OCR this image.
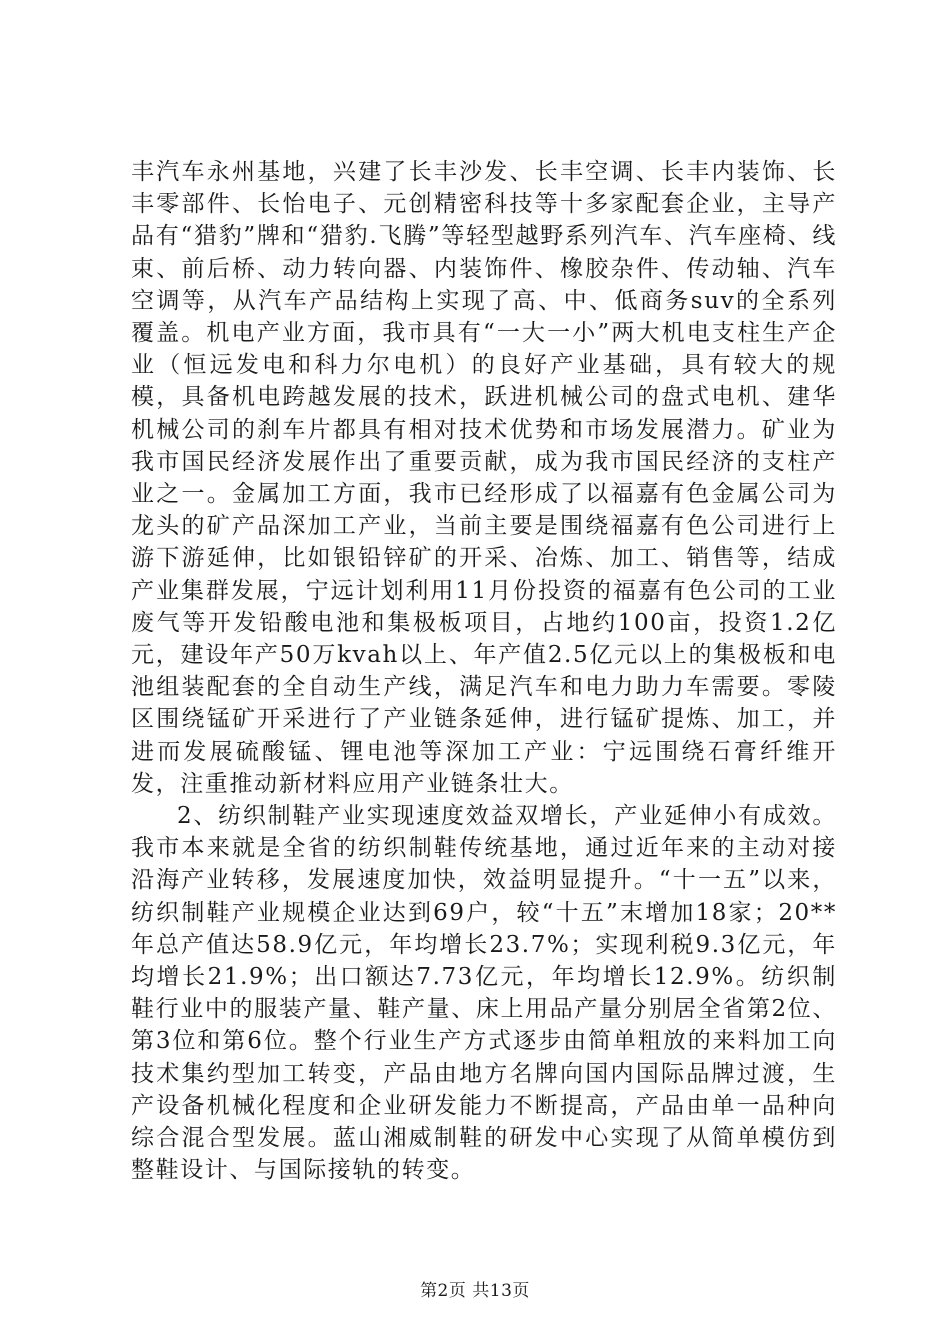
丰汽车永州基地，兴建了长丰沙发、长丰空调、长丰内装饰、长丰零部件、长怡电子、元创精密科技等十多家配套企业，主导产品有“猎豹”牌和“猎豹.飞腾”等轻型越野系列汽车、汽车座椅、线束、前后桥、动力转向器、内装饰件、橡胶杂件、传动轴、汽车空调等，从汽车产品结构上实现了高、中、低商务suv的全系列覆盖。机电产业方面，我市具有“一大一小”两大机电支柱生产企业（恒远发电和科力尔电机）的良好产业基础，具有较大的规模，具备机电跨越发展的技术，跃进机械公司的盘式电机、建华机械公司的刹车片都具有相对技术优势和市场发展潜力。矿业为我市国民经济发展作出了重要贡献，成为我市国民经济的支柱产业之一。金属加工方面，我市已经形成了以福嘉有色金属公司为龙头的矿产品深加工产业，当前主要是围绕福嘉有色公司进行上游下游延伸，比如银铅锌矿的开采、冶炼、加工、销售等，结成产业集群发展，宁远计划利用11月份投资的福嘉有色公司的工业废气等开发铅酸电池和集极板项目，占地约100亩，投资1.2亿元，建设年产50万kvah以上、年产值2.5亿元以上的集极板和电池组装配套的全自动生产线，满足汽车和电力助力车需要。零陵区围绕锰矿开采进行了产业链条延伸，进行锰矿提炼、加工，并进而发展硫酸锰、锂电池等深加工产业：宁远围绕石膏纤维开发，注重推动新材料应用产业链条壮大。

2、纺织制鞋产业实现速度效益双增长，产业延伸小有成效。我市本来就是全省的纺织制鞋传统基地，通过近年来的主动对接沿海产业转移，发展速度加快，效益明显提升。“十一五”以来，纺织制鞋产业规模企业达到69户，较“十五”末增加18家；20**年总产值达58.9亿元，年均增长23.7%；实现利税9.3亿元，年均增长21.9%；出口额达7.73亿元，年均增长12.9%。纺织制鞋行业中的服装产量、鞋产量、床上用品产量分别居全省第2位、第3位和第6位。整个行业生产方式逐步由简单粗放的来料加工向技术集约型加工转变，产品由地方名牌向国内国际品牌过渡，生产设备机械化程度和企业研发能力不断提高，产品由单一品种向综合混合型发展。蓝山湘威制鞋的研发中心实现了从简单模仿到整鞋设计、与国际接轨的转变。

第2页 共13页
